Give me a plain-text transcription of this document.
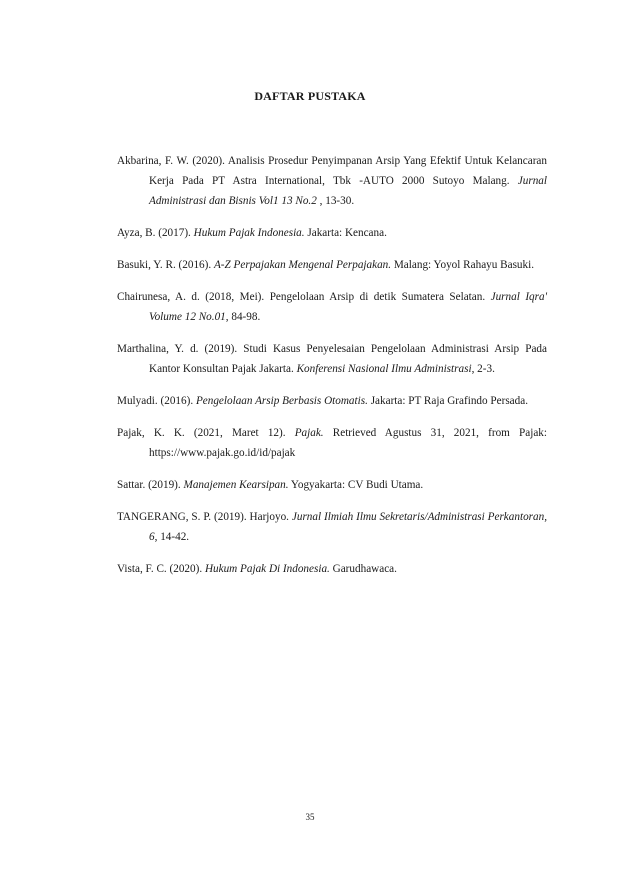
DAFTAR PUSTAKA

Akbarina, F. W. (2020). Analisis Prosedur Penyimpanan Arsip Yang Efektif Untuk Kelancaran Kerja Pada PT Astra International, Tbk -AUTO 2000 Sutoyo Malang. Jurnal Administrasi dan Bisnis Vol1 13 No.2 , 13-30.

Ayza, B. (2017). Hukum Pajak Indonesia. Jakarta: Kencana.

Basuki, Y. R. (2016). A-Z Perpajakan Mengenal Perpajakan. Malang: Yoyol Rahayu Basuki.

Chairunesa, A. d. (2018, Mei). Pengelolaan Arsip di detik Sumatera Selatan. Jurnal Iqra' Volume 12 No.01, 84-98.

Marthalina, Y. d. (2019). Studi Kasus Penyelesaian Pengelolaan Administrasi Arsip Pada Kantor Konsultan Pajak Jakarta. Konferensi Nasional Ilmu Administrasi, 2-3.

Mulyadi. (2016). Pengelolaan Arsip Berbasis Otomatis. Jakarta: PT Raja Grafindo Persada.

Pajak, K. K. (2021, Maret 12). Pajak. Retrieved Agustus 31, 2021, from Pajak: https://www.pajak.go.id/id/pajak

Sattar. (2019). Manajemen Kearsipan. Yogyakarta: CV Budi Utama.

TANGERANG, S. P. (2019). Harjoyo. Jurnal Ilmiah Ilmu Sekretaris/Administrasi Perkantoran, 6, 14-42.

Vista, F. C. (2020). Hukum Pajak Di Indonesia. Garudhawaca.

35
